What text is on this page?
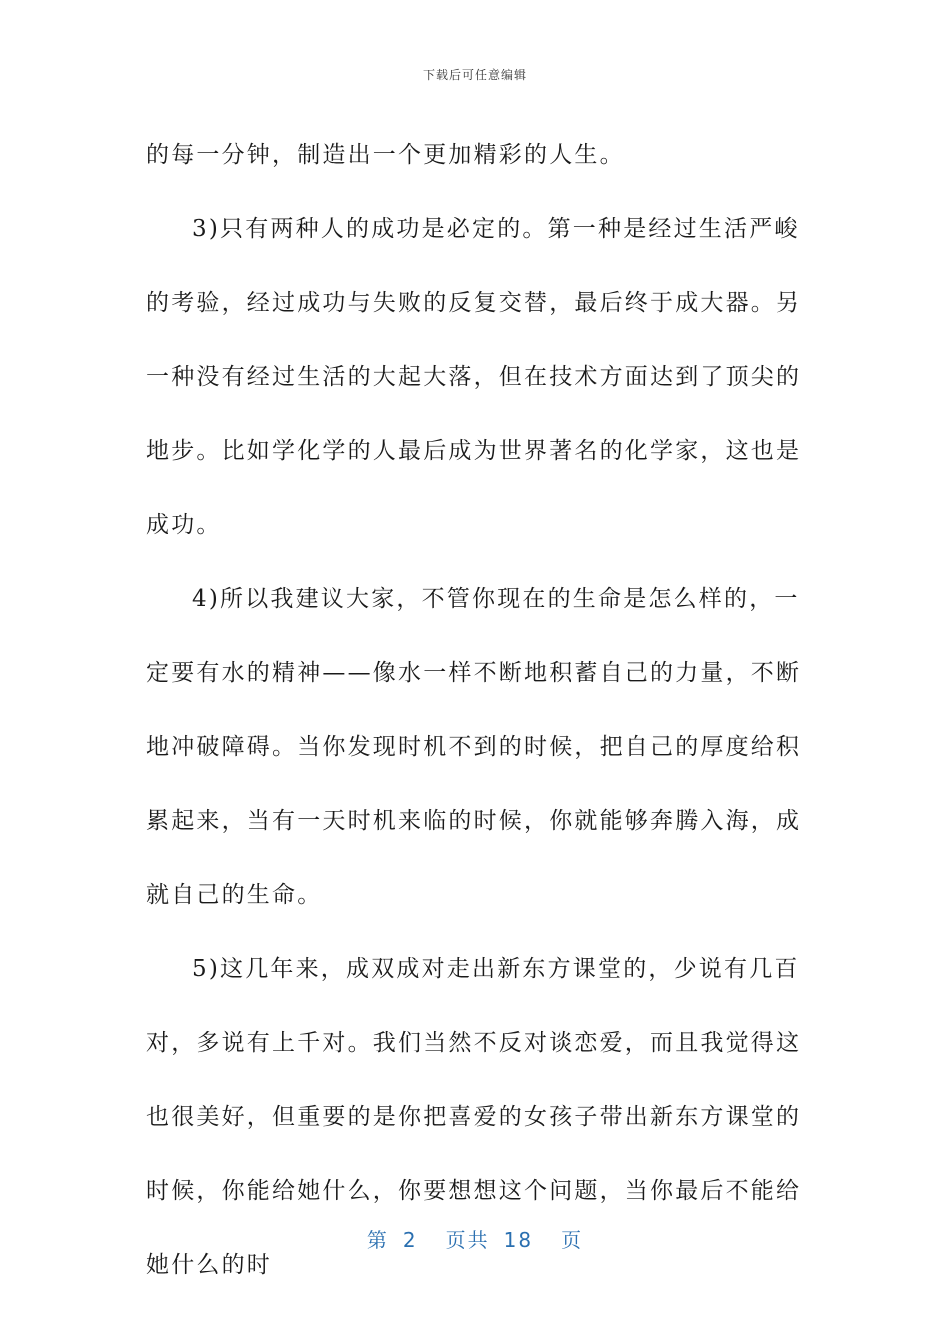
下载后可任意编辑

的每一分钟，制造出一个更加精彩的人生。

3)只有两种人的成功是必定的。第一种是经过生活严峻的考验，经过成功与失败的反复交替，最后终于成大器。另一种没有经过生活的大起大落，但在技术方面达到了顶尖的地步。比如学化学的人最后成为世界著名的化学家，这也是成功。

4)所以我建议大家，不管你现在的生命是怎么样的，一定要有水的精神——像水一样不断地积蓄自己的力量，不断地冲破障碍。当你发现时机不到的时候，把自己的厚度给积累起来，当有一天时机来临的时候，你就能够奔腾入海，成就自己的生命。

5)这几年来，成双成对走出新东方课堂的，少说有几百对，多说有上千对。我们当然不反对谈恋爱，而且我觉得这也很美好，但重要的是你把喜爱的女孩子带出新东方课堂的时候，你能给她什么，你要想想这个问题，当你最后不能给她什么的时

第 2 页共 18 页
